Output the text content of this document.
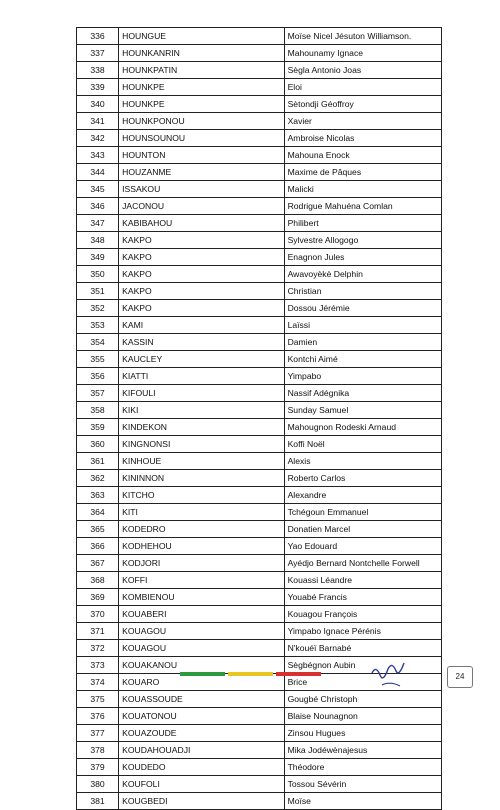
336	HOUNGUE	Moïse Nicel Jésuton Williamson.
337	HOUNKANRIN	Mahounamy Ignace
338	HOUNKPATIN	Sègla Antonio Joas
339	HOUNKPE	Eloi
340	HOUNKPE	Sètondji Géoffroy
341	HOUNKPONOU	Xavier
342	HOUNSOUNOU	Ambroise Nicolas
343	HOUNTON	Mahouna Enock
344	HOUZANME	Maxime de Pâques
345	ISSAKOU	Malicki
346	JACONOU	Rodrigue Mahuéna Comlan
347	KABIBAHOU	Philibert
348	KAKPO	Sylvestre Allogogo
349	KAKPO	Enagnon Jules
350	KAKPO	Awavoyèkè Delphin
351	KAKPO	Christian
352	KAKPO	Dossou Jérémie
353	KAMI	Laïssi
354	KASSIN	Damien
355	KAUCLEY	Kontchi Aimé
356	KIATTI	Yimpabo
357	KIFOULI	Nassif Adégnika
358	KIKI	Sunday Samuel
359	KINDEKON	Mahougnon Rodeski Arnaud
360	KINGNONSI	Koffi Noël
361	KINHOUE	Alexis
362	KININNON	Roberto Carlos
363	KITCHO	Alexandre
364	KITI	Tchégoun Emmanuel
365	KODEDRO	Donatien Marcel
366	KODHEHOU	Yao Edouard
367	KODJORI	Ayédjo Bernard Nontchelle Forwell
368	KOFFI	Kouassi Léandre
369	KOMBIENOU	Youabé Francis
370	KOUABERI	Kouagou François
371	KOUAGOU	Yimpabo Ignace Pérénis
372	KOUAGOU	N'kouéï Barnabé
373	KOUAKANOU	Sègbégnon Aubin
374	KOUARO	Brice
375	KOUASSOUDE	Gougbé Christoph
376	KOUATONOU	Blaise Nounagnon
377	KOUAZOUDE	Zinsou Hugues
378	KOUDAHOUADJI	Mika Jodéwènajesus
379	KOUDEDO	Théodore
380	KOUFOLI	Tossou Sévérin
381	KOUGBEDI	Moïse
24
